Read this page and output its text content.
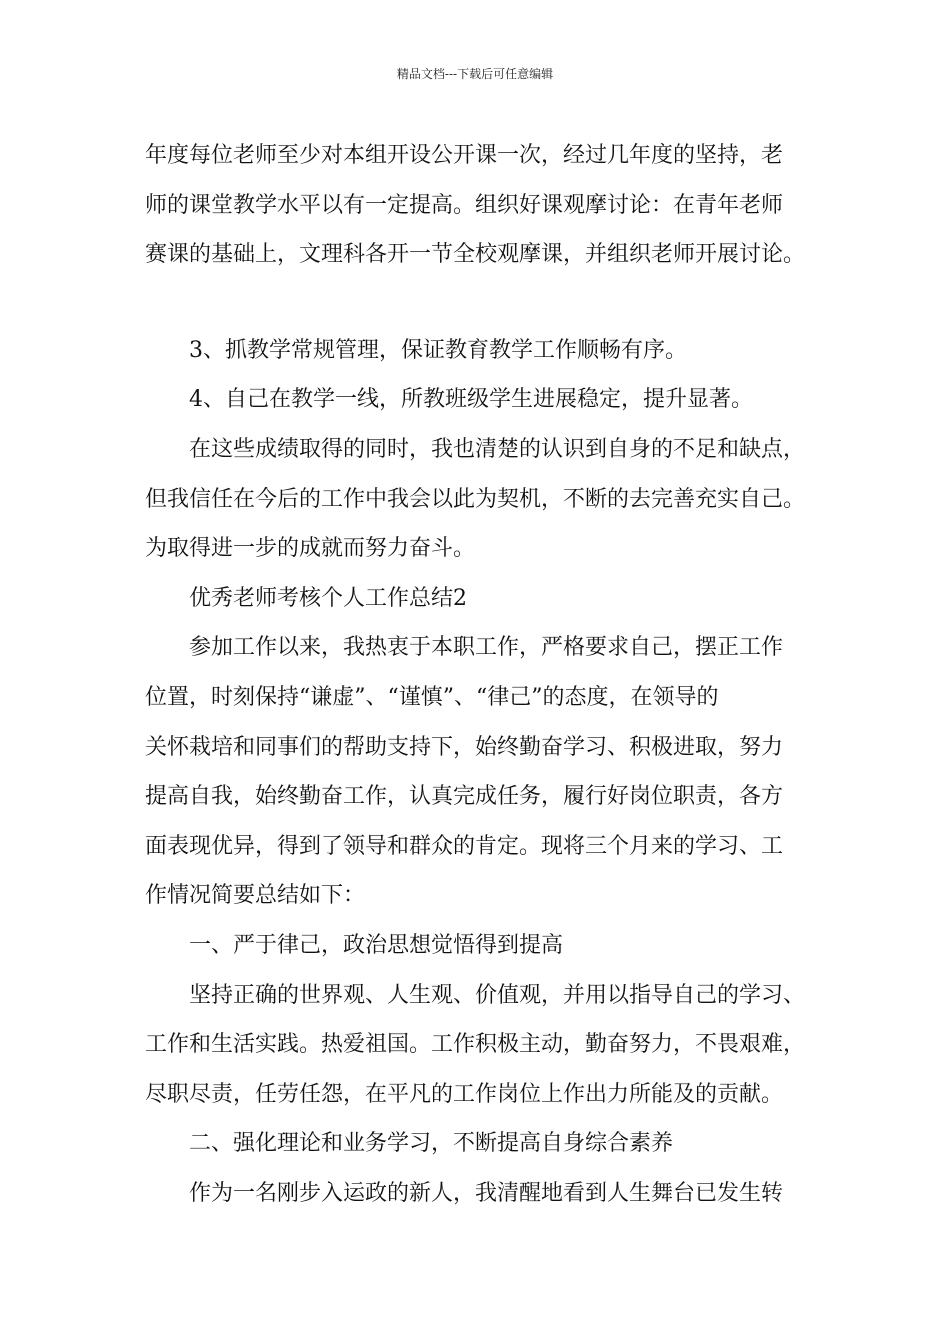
精品文档---下载后可任意编辑
年度每位老师至少对本组开设公开课一次，经过几年度的坚持，老
师的课堂教学水平以有一定提高。组织好课观摩讨论：在青年老师
赛课的基础上，文理科各开一节全校观摩课，并组织老师开展讨论。
3、抓教学常规管理，保证教育教学工作顺畅有序。
4、自己在教学一线，所教班级学生进展稳定，提升显著。
在这些成绩取得的同时，我也清楚的认识到自身的不足和缺点，
但我信任在今后的工作中我会以此为契机，不断的去完善充实自己。
为取得进一步的成就而努力奋斗。
优秀老师考核个人工作总结2
参加工作以来，我热衷于本职工作，严格要求自己，摆正工作
位置，时刻保持“谦虚”、“谨慎”、“律己”的态度，在领导的
关怀栽培和同事们的帮助支持下，始终勤奋学习、积极进取，努力
提高自我，始终勤奋工作，认真完成任务，履行好岗位职责，各方
面表现优异，得到了领导和群众的肯定。现将三个月来的学习、工
作情况简要总结如下：
一、严于律己，政治思想觉悟得到提高
坚持正确的世界观、人生观、价值观，并用以指导自己的学习、
工作和生活实践。热爱祖国。工作积极主动，勤奋努力，不畏艰难，
尽职尽责，任劳任怨，在平凡的工作岗位上作出力所能及的贡献。
二、强化理论和业务学习，不断提高自身综合素养
作为一名刚步入运政的新人，我清醒地看到人生舞台已发生转
